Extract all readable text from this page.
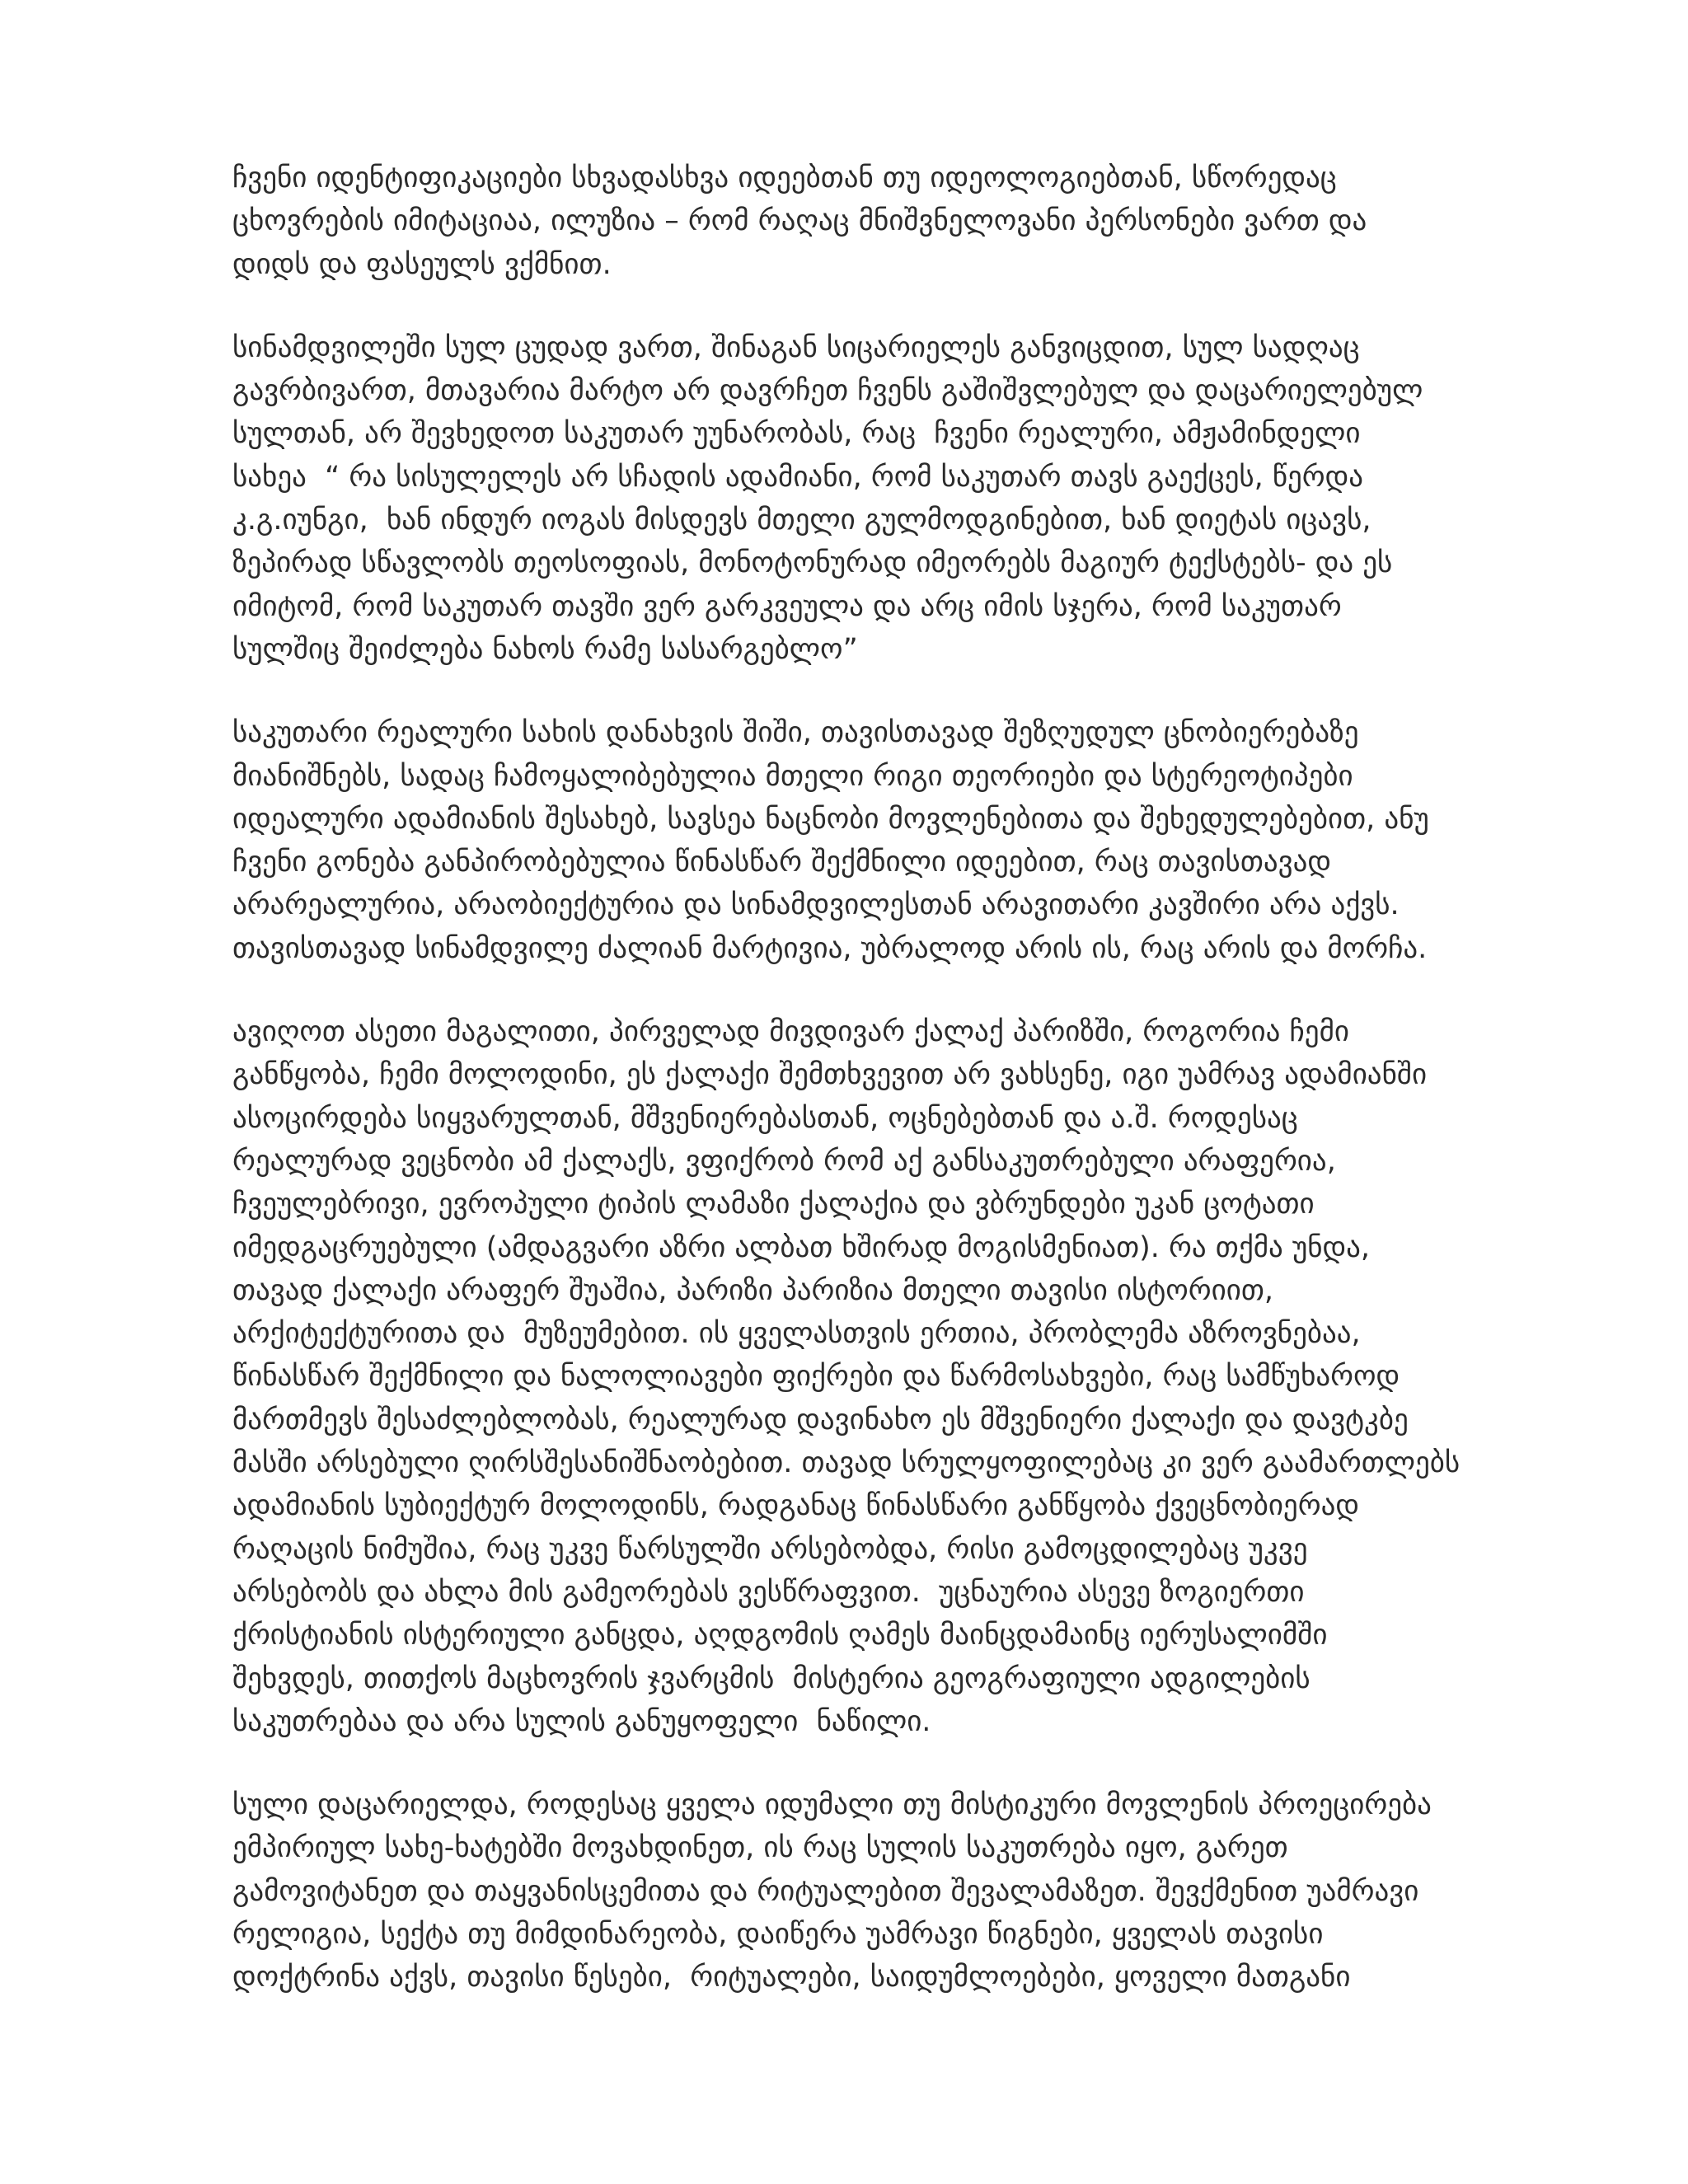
ჩვენი იდენტიფიკაციები სხვადასხვა იდეებთან თუ იდეოლოგიებთან, სწორედაც
ცხოვრების იმიტაციაა, ილუზია – რომ რაღაც მნიშვნელოვანი პერსონები ვართ და
დიდს და ფასეულს ვქმნით.

სინამდვილეში სულ ცუდად ვართ, შინაგან სიცარიელეს განვიცდით, სულ სადღაც
გავრბივართ, მთავარია მარტო არ დავრჩეთ ჩვენს გაშიშვლებულ და დაცარიელებულ
სულთან, არ შევხედოთ საკუთარ უუნარობას, რაც  ჩვენი რეალური, ამჟამინდელი
სახეა  “ რა სისულელეს არ სჩადის ადამიანი, რომ საკუთარ თავს გაექცეს, წერდა
კ.გ.იუნგი,  ხან ინდურ იოგას მისდევს მთელი გულმოდგინებით, ხან დიეტას იცავს,
ზეპირად სწავლობს თეოსოფიას, მონოტონურად იმეორებს მაგიურ ტექსტებს- და ეს
იმიტომ, რომ საკუთარ თავში ვერ გარკვეულა და არც იმის სჯერა, რომ საკუთარ
სულშიც შეიძლება ნახოს რამე სასარგებლო”

საკუთარი რეალური სახის დანახვის შიში, თავისთავად შეზღუდულ ცნობიერებაზე
მიანიშნებს, სადაც ჩამოყალიბებულია მთელი რიგი თეორიები და სტერეოტიპები
იდეალური ადამიანის შესახებ, სავსეა ნაცნობი მოვლენებითა და შეხედულებებით, ანუ
ჩვენი გონება განპირობებულია წინასწარ შექმნილი იდეებით, რაც თავისთავად
არარეალურია, არაობიექტურია და სინამდვილესთან არავითარი კავშირი არა აქვს.
თავისთავად სინამდვილე ძალიან მარტივია, უბრალოდ არის ის, რაც არის და მორჩა.

ავიღოთ ასეთი მაგალითი, პირველად მივდივარ ქალაქ პარიზში, როგორია ჩემი
განწყობა, ჩემი მოლოდინი, ეს ქალაქი შემთხვევით არ ვახსენე, იგი უამრავ ადამიანში
ასოცირდება სიყვარულთან, მშვენიერებასთან, ოცნებებთან და ა.შ. როდესაც
რეალურად ვეცნობი ამ ქალაქს, ვფიქრობ რომ აქ განსაკუთრებული არაფერია,
ჩვეულებრივი, ევროპული ტიპის ლამაზი ქალაქია და ვბრუნდები უკან ცოტათი
იმედგაცრუებული (ამდაგვარი აზრი ალბათ ხშირად მოგისმენიათ). რა თქმა უნდა,
თავად ქალაქი არაფერ შუაშია, პარიზი პარიზია მთელი თავისი ისტორიით,
არქიტექტურითა და  მუზეუმებით. ის ყველასთვის ერთია, პრობლემა აზროვნებაა,
წინასწარ შექმნილი და ნალოლიავები ფიქრები და წარმოსახვები, რაც სამწუხაროდ
მართმევს შესაძლებლობას, რეალურად დავინახო ეს მშვენიერი ქალაქი და დავტკბე
მასში არსებული ღირსშესანიშნაობებით. თავად სრულყოფილებაც კი ვერ გაამართლებს
ადამიანის სუბიექტურ მოლოდინს, რადგანაც წინასწარი განწყობა ქვეცნობიერად
რაღაცის ნიმუშია, რაც უკვე წარსულში არსებობდა, რისი გამოცდილებაც უკვე
არსებობს და ახლა მის გამეორებას ვესწრაფვით.  უცნაურია ასევე ზოგიერთი
ქრისტიანის ისტერიული განცდა, აღდგომის ღამეს მაინცდამაინც იერუსალიმში
შეხვდეს, თითქოს მაცხოვრის ჯვარცმის  მისტერია გეოგრაფიული ადგილების
საკუთრებაა და არა სულის განუყოფელი  ნაწილი.

სული დაცარიელდა, როდესაც ყველა იდუმალი თუ მისტიკური მოვლენის პროეცირება
ემპირიულ სახე-ხატებში მოვახდინეთ, ის რაც სულის საკუთრება იყო, გარეთ
გამოვიტანეთ და თაყვანისცემითა და რიტუალებით შევალამაზეთ. შევქმენით უამრავი
რელიგია, სექტა თუ მიმდინარეობა, დაიწერა უამრავი წიგნები, ყველას თავისი
დოქტრინა აქვს, თავისი წესები,  რიტუალები, საიდუმლოებები, ყოველი მათგანი
